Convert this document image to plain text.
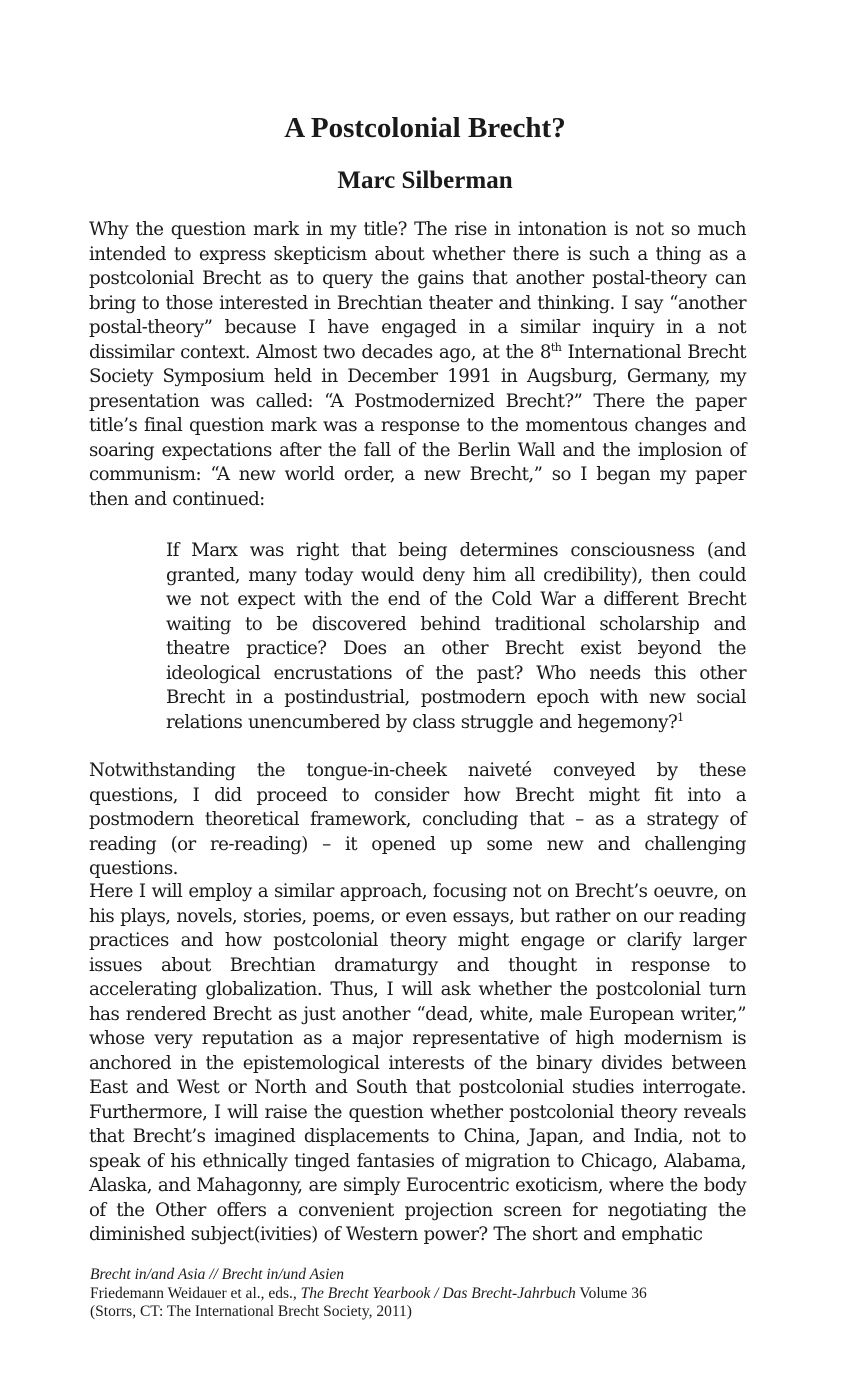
A Postcolonial Brecht?
Marc Silberman

Why the question mark in my title? The rise in intonation is not so much intended to express skepticism about whether there is such a thing as a postcolonial Brecht as to query the gains that another postal-theory can bring to those interested in Brechtian theater and thinking. I say “another postal-theory” because I have engaged in a similar inquiry in a not dissimilar context. Almost two decades ago, at the 8th International Brecht Society Symposium held in December 1991 in Augsburg, Germany, my presentation was called: “A Postmodernized Brecht?” There the paper title’s final question mark was a response to the momentous changes and soaring expectations after the fall of the Berlin Wall and the implosion of communism: “A new world order, a new Brecht,” so I began my paper then and continued:

If Marx was right that being determines consciousness (and granted, many today would deny him all credibility), then could we not expect with the end of the Cold War a different Brecht waiting to be discovered behind traditional scholarship and theatre practice? Does an other Brecht exist beyond the ideological encrustations of the past? Who needs this other Brecht in a postindustrial, postmodern epoch with new social relations unencumbered by class struggle and hegemony?$^1$

Notwithstanding the tongue-in-cheek naiveté conveyed by these questions, I did proceed to consider how Brecht might fit into a postmodern theoretical framework, concluding that – as a strategy of reading (or re-reading) – it opened up some new and challenging questions.

Here I will employ a similar approach, focusing not on Brecht’s oeuvre, on his plays, novels, stories, poems, or even essays, but rather on our reading practices and how postcolonial theory might engage or clarify larger issues about Brechtian dramaturgy and thought in response to accelerating globalization. Thus, I will ask whether the postcolonial turn has rendered Brecht as just another “dead, white, male European writer,” whose very reputation as a major representative of high modernism is anchored in the epistemological interests of the binary divides between East and West or North and South that postcolonial studies interrogate. Furthermore, I will raise the question whether postcolonial theory reveals that Brecht’s imagined displacements to China, Japan, and India, not to speak of his ethnically tinged fantasies of migration to Chicago, Alabama, Alaska, and Mahagonny, are simply Eurocentric exoticism, where the body of the Other offers a convenient projection screen for negotiating the diminished subject(ivities) of Western power? The short and emphatic

Brecht in/and Asia // Brecht in/und Asien
Friedemann Weidauer et al., eds., The Brecht Yearbook / Das Brecht-Jahrbuch Volume 36
(Storrs, CT: The International Brecht Society, 2011)
